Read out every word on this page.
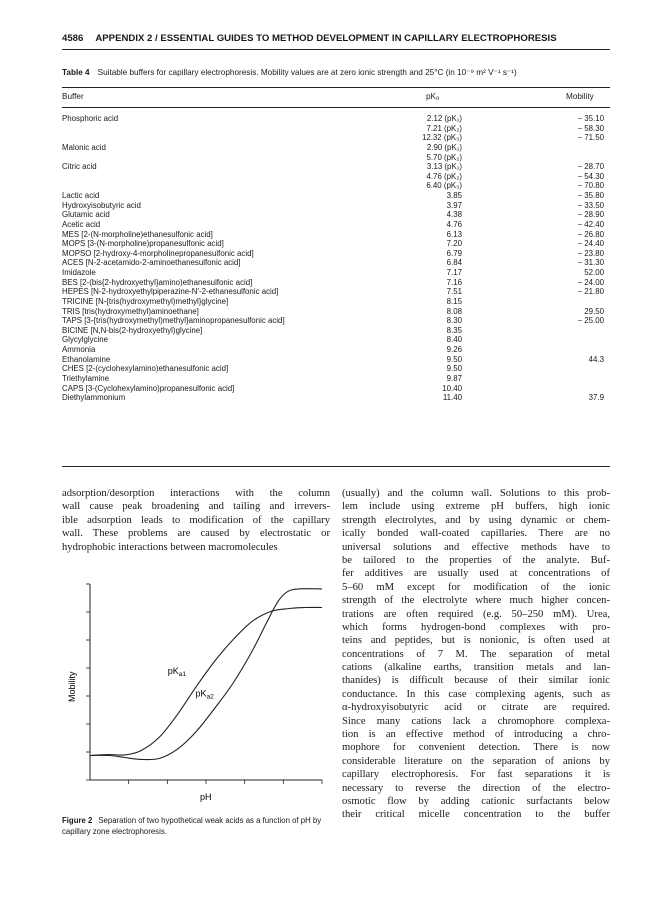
4586 APPENDIX 2 / ESSENTIAL GUIDES TO METHOD DEVELOPMENT IN CAPILLARY ELECTROPHORESIS
Table 4 Suitable buffers for capillary electrophoresis. Mobility values are at zero ionic strength and 25°C (in 10⁻⁹ m² V⁻¹ s⁻¹)
Buffer	pKₐ	Mobility
Phosphoric acid	2.12 (pK₁)	− 35.10
7.21 (pK₂)	− 58.30
12.32 (pK₃)	− 71.50
Malonic acid	2.90 (pK₁)
5.70 (pK₂)
Citric acid	3.13 (pK₁)	− 28.70
4.76 (pK₂)	− 54.30
6.40 (pK₃)	− 70.80
Lactic acid	3.85	− 35.80
Hydroxyisobutyric acid	3.97	− 33.50
Glutamic acid	4.38	− 28.90
Acetic acid	4.76	− 42.40
MES [2-(N-morpholine)ethanesulfonic acid]	6.13	− 26.80
MOPS [3-(N-morpholine)propanesulfonic acid]	7.20	− 24.40
MOPSO [2-hydroxy-4-morpholinepropanesulfonic acid]	6.79	− 23.80
ACES [N-2-acetamido-2-aminoethanesulfonic acid]	6.84	− 31.30
Imidazole	7.17	52.00
BES [2-(bis{2-hydroxyethyl}amino)ethanesulfonic acid]	7.16	− 24.00
HEPES [N-2-hydroxyethylpiperazine-N′-2-ethanesulfonic acid]	7.51	− 21.80
TRICINE [N-{tris(hydroxymethyl)methyl}glycine]	8.15
TRIS [tris(hydroxymethyl)aminoethane]	8.08	29.50
TAPS [3-{tris(hydroxymethyl)methyl}aminopropanesulfonic acid]	8.30	− 25.00
BICINE [N,N-bis(2-hydroxyethyl)glycine]	8.35
Glycylglycine	8.40
Ammonia	9.26
Ethanolamine	9.50	44.3
CHES [2-(cyclohexylamino)ethanesulfonic acid]	9.50
Triethylamine	9.87
CAPS [3-(Cyclohexylamino)propanesulfonic acid]	10.40
Diethylammonium	11.40	37.9
adsorption/desorption interactions with the column
wall cause peak broadening and tailing and irrevers-
ible adsorption leads to modification of the capillary
wall. These problems are caused by electrostatic or
hydrophobic interactions between macromolecules
$pK_{a1}$
$pK_{a2}$
pH
Mobility
Figure 2 Separation of two hypothetical weak acids as a function of pH by capillary zone electrophoresis.
(usually) and the column wall. Solutions to this prob-
lem include using extreme pH buffers, high ionic
strength electrolytes, and by using dynamic or chem-
ically bonded wall-coated capillaries. There are no
universal solutions and effective methods have to
be tailored to the properties of the analyte. Buf-
fer additives are usually used at concentrations of
5–60 mM except for modification of the ionic
strength of the electrolyte where much higher concen-
trations are often required (e.g. 50–250 mM). Urea,
which forms hydrogen-bond complexes with pro-
teins and peptides, but is nonionic, is often used at
concentrations of 7 M. The separation of metal
cations (alkaline earths, transition metals and lan-
thanides) is difficult because of their similar ionic
conductance. In this case complexing agents, such as
α-hydroxyisobutyric acid or citrate are required.
Since many cations lack a chromophore complexa-
tion is an effective method of introducing a chro-
mophore for convenient detection. There is now
considerable literature on the separation of anions by
capillary electrophoresis. For fast separations it is
necessary to reverse the direction of the electro-
osmotic flow by adding cationic surfactants below
their critical micelle concentration to the buffer
